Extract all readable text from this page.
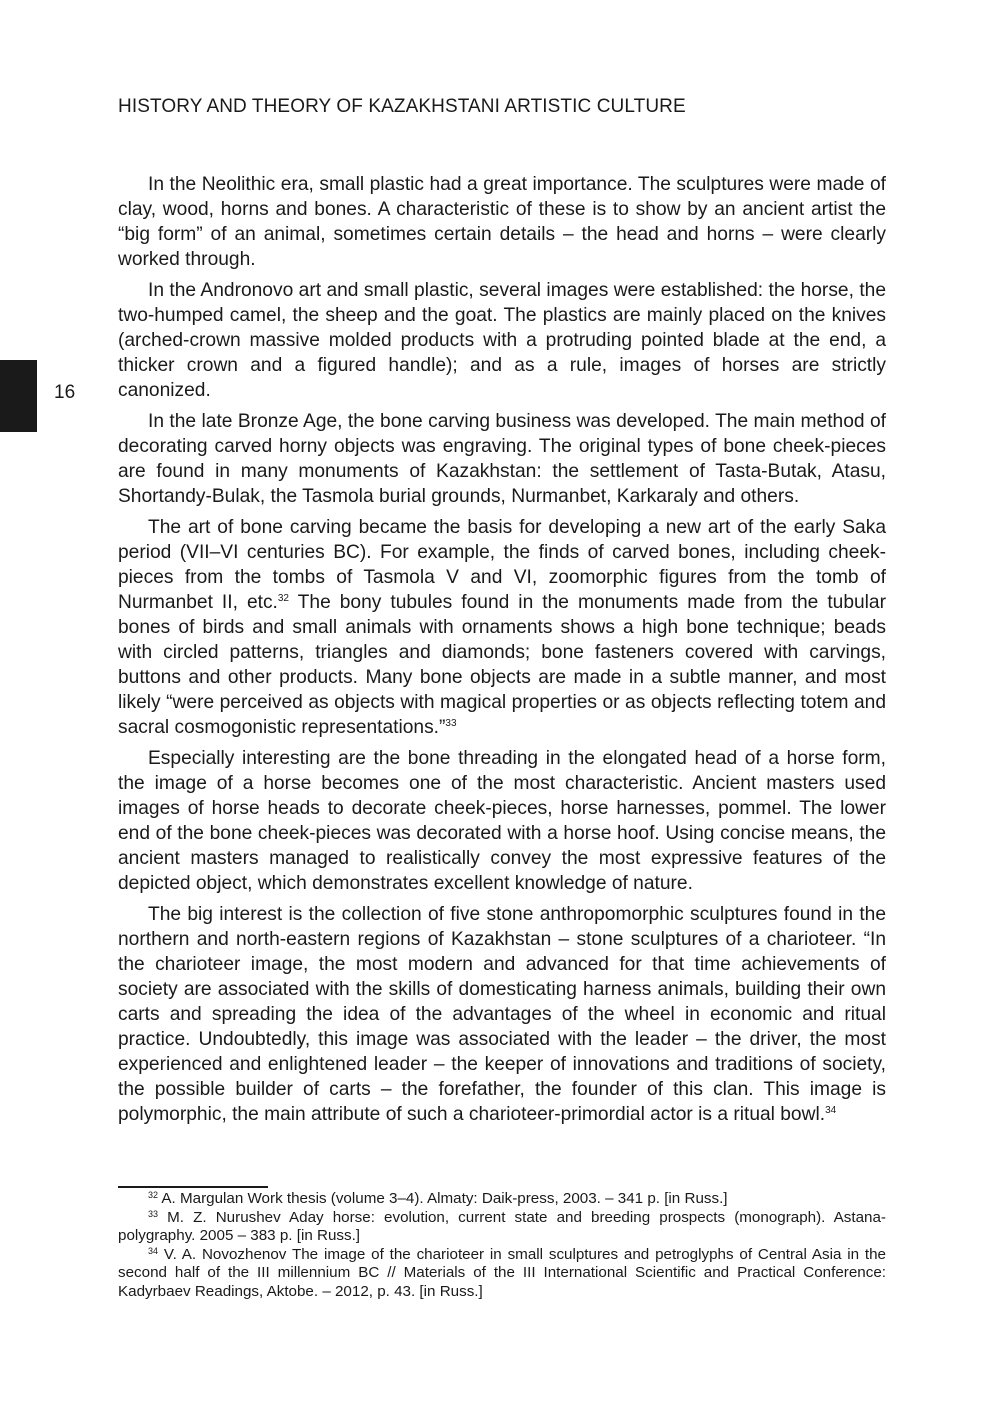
HISTORY AND THEORY OF KAZAKHSTANI ARTISTIC CULTURE
16

In the Neolithic era, small plastic had a great importance. The sculptures were made of clay, wood, horns and bones. A characteristic of these is to show by an ancient artist the “big form” of an animal, sometimes certain details – the head and horns – were clearly worked through.

In the Andronovo art and small plastic, several images were established: the horse, the two-humped camel, the sheep and the goat. The plastics are mainly placed on the knives (arched-crown massive molded products with a protruding pointed blade at the end, a thicker crown and a figured handle); and as a rule, images of horses are strictly canonized.

In the late Bronze Age, the bone carving business was developed. The main method of decorating carved horny objects was engraving. The original types of bone cheek-pieces are found in many monuments of Kazakhstan: the settlement of Tasta-Butak, Atasu, Shortandy-Bulak, the Tasmola burial grounds, Nurmanbet, Karkaraly and others.

The art of bone carving became the basis for developing a new art of the early Saka period (VII–VI centuries BC). For example, the finds of carved bones, including cheek-pieces from the tombs of Tasmola V and VI, zoomorphic figures from the tomb of Nurmanbet II, etc.$^{32}$ The bony tubules found in the monuments made from the tubular bones of birds and small animals with ornaments shows a high bone technique; beads with circled patterns, triangles and diamonds; bone fasteners covered with carvings, buttons and other products. Many bone objects are made in a subtle manner, and most likely “were perceived as objects with magical properties or as objects reflecting totem and sacral cosmogonistic representations.”$^{33}$

Especially interesting are the bone threading in the elongated head of a horse form, the image of a horse becomes one of the most characteristic. Ancient masters used images of horse heads to decorate cheek-pieces, horse harnesses, pommel. The lower end of the bone cheek-pieces was decorated with a horse hoof. Using concise means, the ancient masters managed to realistically convey the most expressive features of the depicted object, which demonstrates excellent knowledge of nature.

The big interest is the collection of five stone anthropomorphic sculptures found in the northern and north-eastern regions of Kazakhstan – stone sculptures of a charioteer. “In the charioteer image, the most modern and advanced for that time achievements of society are associated with the skills of domesticating harness animals, building their own carts and spreading the idea of the advantages of the wheel in economic and ritual practice. Undoubtedly, this image was associated with the leader – the driver, the most experienced and enlightened leader – the keeper of innovations and traditions of society, the possible builder of carts – the forefather, the founder of this clan. This image is polymorphic, the main attribute of such a charioteer-primordial actor is a ritual bowl.$^{34}$

$^{32}$ A. Margulan Work thesis (volume 3–4). Almaty: Daik-press, 2003. – 341 p. [in Russ.]

$^{33}$ M. Z. Nurushev Aday horse: evolution, current state and breeding prospects (monograph). Astana-polygraphy. 2005 – 383 p. [in Russ.]

$^{34}$ V. A. Novozhenov The image of the charioteer in small sculptures and petroglyphs of Central Asia in the second half of the III millennium BC // Materials of the III International Scientific and Practical Conference: Kadyrbaev Readings, Aktobe. – 2012, p. 43. [in Russ.]
